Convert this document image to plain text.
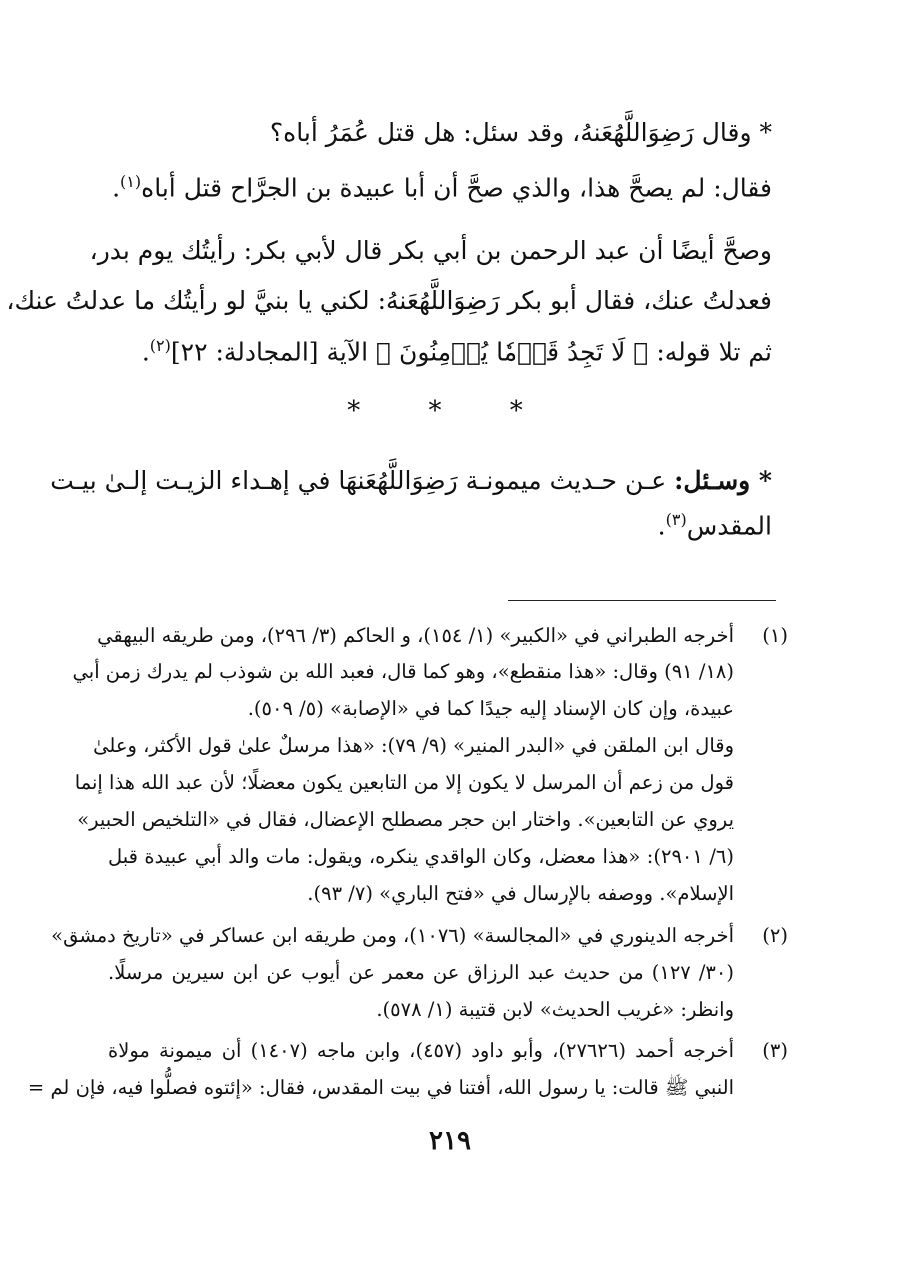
* وقال رَضِوَاللَّهُعَنهُ، وقد سئل: هل قتل عُمَرُ أباه؟
فقال: لم يصحَّ هذا، والذي صحَّ أن أبا عبيدة بن الجرَّاح قتل أباه$^{(١)}$.
وصحَّ أيضًا أن عبد الرحمن بن أبي بكر قال لأبي بكر: رأيتُك يوم بدر،
فعدلتُ عنك، فقال أبو بكر رَضِوَاللَّهُعَنهُ: لكني يا بنيَّ لو رأيتُك ما عدلتُ عنك،
ثم تلا قوله: ﴿ لَا تَجِدُ قَوۡمٗا يُؤۡمِنُونَ ﴾ الآية [المجادلة: ٢٢]$^{(٢)}$.
* * *
* وسـئل: عـن حـديث ميمونـة رَضِوَاللَّهُعَنهَا في إهـداء الزيـت إلـىٰ بيـت
المقدس$^{(٣)}$.
(١)
أخرجه الطبراني في «الكبير» (١/ ١٥٤)، و الحاكم (٣/ ٢٩٦)، ومن طريقه البيهقي
(١٨/ ٩١) وقال: «هذا منقطع»، وهو كما قال، فعبد الله بن شوذب لم يدرك زمن أبي
عبيدة، وإن كان الإسناد إليه جيدًا كما في «الإصابة» (٥/ ٥٠٩).
وقال ابن الملقن في «البدر المنير» (٩/ ٧٩): «هذا مرسلٌ علىٰ قول الأكثر، وعلىٰ
قول من زعم أن المرسل لا يكون إلا من التابعين يكون معضلًا؛ لأن عبد الله هذا إنما
يروي عن التابعين». واختار ابن حجر مصطلح الإعضال، فقال في «التلخيص الحبير»
(٦/ ٢٩٠١): «هذا معضل، وكان الواقدي ينكره، ويقول: مات والد أبي عبيدة قبل
الإسلام». ووصفه بالإرسال في «فتح الباري» (٧/ ٩٣).
(٢)
أخرجه الدينوري في «المجالسة» (١٠٧٦)، ومن طريقه ابن عساكر في «تاريخ دمشق»
(٣٠/ ١٢٧) من حديث عبد الرزاق عن معمر عن أيوب عن ابن سيرين مرسلًا.
وانظر: «غريب الحديث» لابن قتيبة (١/ ٥٧٨).
(٣)
أخرجه أحمد (٢٧٦٢٦)، وأبو داود (٤٥٧)، وابن ماجه (١٤٠٧) أن ميمونة مولاة
النبي ﷺ قالت: يا رسول الله، أفتنا في بيت المقدس، فقال: «إئتوه فصلُّوا فيه، فإن لم =
٢١٩
